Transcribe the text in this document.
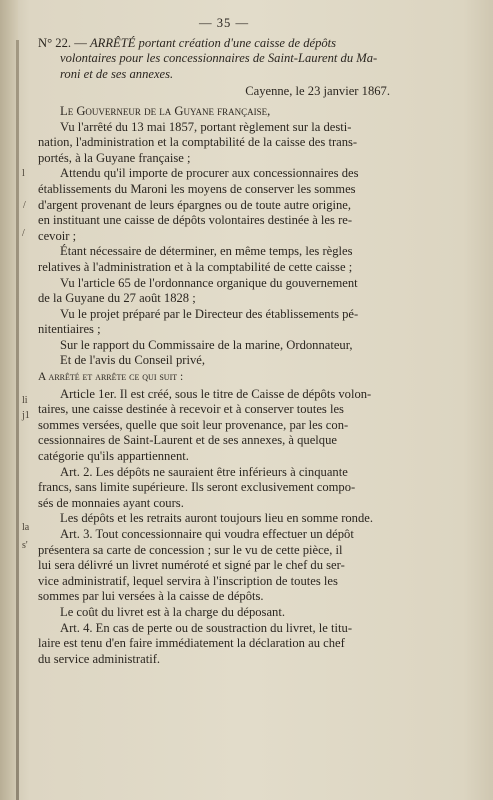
l
/
/
li
j1
la
s'
— 35 —
N° 22. — ARRÊTÉ portant création d'une caisse de dépôts
volontaires pour les concessionnaires de Saint-Laurent du Ma-
roni et de ses annexes.
Cayenne, le 23 janvier 1867.

Le Gouverneur de la Guyane française,

Vu l'arrêté du 13 mai 1857, portant règlement sur la desti-

nation, l'administration et la comptabilité de la caisse des trans-

portés, à la Guyane française ;

Attendu qu'il importe de procurer aux concessionnaires des

établissements du Maroni les moyens de conserver les sommes

d'argent provenant de leurs épargnes ou de toute autre origine,

en instituant une caisse de dépôts volontaires destinée à les re-

cevoir ;

Étant nécessaire de déterminer, en même temps, les règles

relatives à l'administration et à la comptabilité de cette caisse ;

Vu l'article 65 de l'ordonnance organique du gouvernement

de la Guyane du 27 août 1828 ;

Vu le projet préparé par le Directeur des établissements pé-

nitentiaires ;

Sur le rapport du Commissaire de la marine, Ordonnateur,

Et de l'avis du Conseil privé,

A arrêté et arrête ce qui suit :

Article 1er. Il est créé, sous le titre de Caisse de dépôts volon-

taires, une caisse destinée à recevoir et à conserver toutes les

sommes versées, quelle que soit leur provenance, par les con-

cessionnaires de Saint-Laurent et de ses annexes, à quelque

catégorie qu'ils appartiennent.

Art. 2. Les dépôts ne sauraient être inférieurs à cinquante

francs, sans limite supérieure. Ils seront exclusivement compo-

sés de monnaies ayant cours.

Les dépôts et les retraits auront toujours lieu en somme ronde.

Art. 3. Tout concessionnaire qui voudra effectuer un dépôt

présentera sa carte de concession ; sur le vu de cette pièce, il

lui sera délivré un livret numéroté et signé par le chef du ser-

vice administratif, lequel servira à l'inscription de toutes les

sommes par lui versées à la caisse de dépôts.

Le coût du livret est à la charge du déposant.

Art. 4. En cas de perte ou de soustraction du livret, le titu-

laire est tenu d'en faire immédiatement la déclaration au chef

du service administratif.
